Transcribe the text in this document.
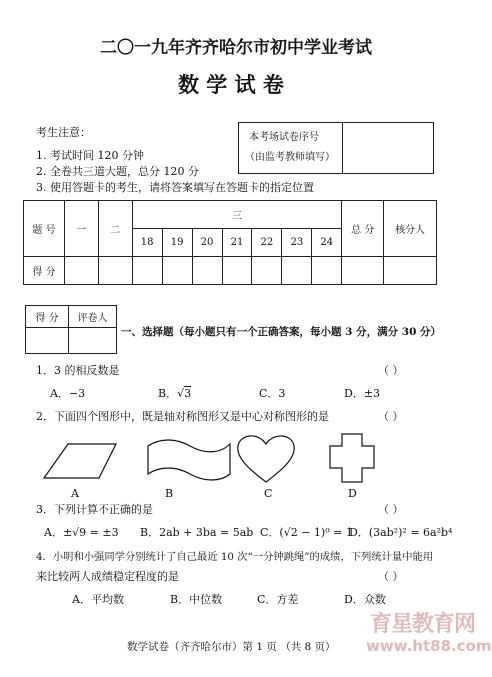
二〇一九年齐齐哈尔市初中学业考试
数 学 试 卷
考生注意：
1. 考试时间 120 分钟
2. 全卷共三道大题，总分 120 分
3. 使用答题卡的考生，请将答案填写在答题卡的指定位置
本考场试卷序号
（由监考教师填写）
题 号	一	二	三							总 分	核分人
			18	19	20	21	22	23	24		
得 分											
得 分	评卷人

一、选择题（每小题只有一个正确答案，每小题 3 分，满分 30 分）
1．3 的相反数是	（ ）
A．−3	B．√3	C．3	D．±3
2．下面四个图形中，既是轴对称图形又是中心对称图形的是	（ ）
A	B	C	D
3．下列计算不正确的是	（ ）
A．±√9 = ±3 B．2ab + 3ba = 5ab C．(√2 − 1)⁰ = 1
D．(3ab²)² = 6a²b⁴
4．小明和小强同学分别统计了自己最近 10 次“一分钟跳绳”的成绩，下列统计量中能用
来比较两人成绩稳定程度的是	（ ）
A．平均数	B．中位数	C．方差	D．众数
数学试卷（齐齐哈尔市）第 1 页 （共 8 页）
育星教育网
www.ht88.com
